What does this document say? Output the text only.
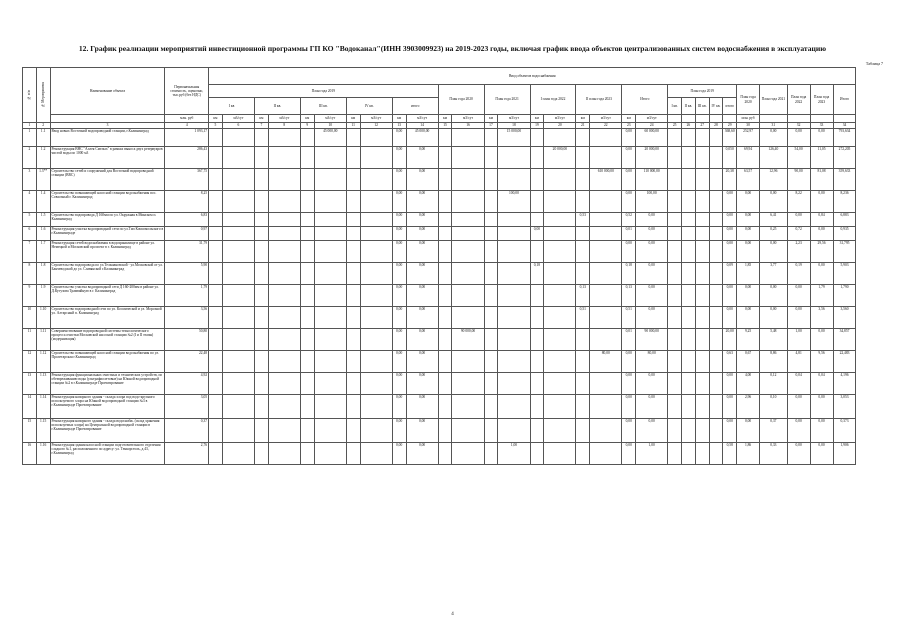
12. График реализации мероприятий инвестиционной программы ГП КО "Водоканал"(ИНН 3903009923) на 2019-2023 годы, включая график ввода объектов централизованных систем водоснабжения в эксплуатацию
Таблица 7
№ п/п	№ Мероприятия	Наименование объекта	Первоначальная стоимость, оценочно, тыс.руб (без НДС)	Ввод объектов водоснабжения																													
				План года 2019										План года 2020		План года 2021		I план года 2022		II план года 2023		Итого		План года 2019					План года 2020	План года 2021	План года 2022	План года 2023	Итого
				I кв		II кв.		III кв.		IV кв.		итого												I кв.	II кв.	III кв.	IV кв.	итого					
			млн. руб	км	м3/сут	км	м3/сут	км	м3/сут	км	м3/сут	км	м3/сут	км	м3/сут	км	м3/сут	км	м3/сут	км	м3/сут	км	м3/сут						млн. руб				
1	2	3	4	5	6	7	8	9	10	11	12	13	14	15	16	17	18	19	20	21	22	23	24	25	26	27	28	29	30	31	32	33	34
1	1.1	Ввод новых Восточной водопроводной станции, г.Калининград	1 093,17						45 000,00			0,00	45 000,00				15 000,00					0,00	60 000,00					368,60	252,97	0,00	0,00	0,00	793,634
2	1.2	Реконструкция ВНС "Аллея Смелых" в рамках выноса двух резервуаров чистой воды по 1000 м3	286,43									0,00	0,00						20 000,00			0,00	20 000,00					0,050	69,94	126,40	54,00	11,05	272,205
3	1.3**	Строительство сетей и сооружений для Восточной водопроводной станции (ВВС)	367,75									0,00	0,00								610 000,00	0,00	110 000,00					20,38	63,57	12,96	90,00	81,08	359,633
4	1.4	Строительство повышающей насосной станции водоснабжения пос. Совхозный г. Калининград	8,25									0,00	0,00				100,00					0,00	100,00					0,00	0,00	0,00	8,22	0,00	8,236
5	1.5	Строительство водопровода Д 160мм по ул. Окружная в Минском п. Калининград	6,83									0,00	0,00							0,53		0,52	0,00					0,00	0,00	6,41	0,00	0,84	6,883
6	1.6	Реконструкция участка водопроводной сети по ул.Тип Комсомольского в г.Калининграде	0,97									0,00	0,00					0,00				0,01	0,00					0,00	0,00	0,25	0,72	0,00	0,935
7	1.7	Реконструкция сетей водоснабжения в водохранилище в районе ул. Немецкой и Московский проспект в г. Калининград	31,79									0,00	0,00									0,00	0,00					0,00	0,00	0,00	2,23	29,56	31,795
8	1.8	Строительство водопровода по ул.Тельмановской - ул.Московской от ул. Банчеводской до ул. Славянской г.Калининград	5,90									0,00	0,00					0,18				0,18	0,00					0,09	1,85	3,77	0,19	0,00	5,903
9	1.9	Строительство участка водопроводной сети Д 160-200мм в районе ул. Д.Кутузова Трамвайную в г. Калининград	1,79									0,00	0,00							0,13		0,13	0,00					0,00	0,00	0,00	0,00	1,79	1,790
10	1.10	Строительство водопроводной сети по ул. Космической и ул. Морозной ул. Алтарсный п. Калининград	3,56									0,00	0,00							0,51		0,51	0,00					0,00	0,00	0,00	0,00	3,56	3,560
11	1.11	Совершенствование водопроводной системы технологического процесса очистки Московской насосной станции №2 (I и II этапы) (модернизация)	50,80									0,00	0,00		90 000,00							0,01	90 000,00					20,00	9,25	5,48	1,00	0,00	34,857
12	1.12	Строительство повышающей насосной станции водоснабжения по ул. Пролетарская г.Калининград	22,48									0,00	0,00								80,00	0,00	80,00					0,63	0,67	8,86	4,81	9,56	22,483
13	1.13	Реконструкция функциональных очистных и технических устройств, по обезвреживанию воды (ультрафиолетовые) на Южной водопроводной станции №2 в г.Калининграде Проектирование	4,92									0,00	0,00									0,00	0,00					0,00	4,00	0,12	0,04	0,04	4,196
14	1.14	Реконструкция напорного здания - склада хлора под водо-крупного используемого хлора на Южной водопроводной станции №3 в г.Калининграде Проектирование	3,05									0,00	0,00									0,00	0,00					0,00	2,96	0,10	0,00	0,00	3,053
15	1.15	Реконструкция напорного здания - склада водоснабж. (склад хранения используемых хлора) на Центральной водопроводной станции в г.Калининграде Проектирование	0,37									0,00	0,00									0,00	0,00					0,00	0,00	0,37	0,00	0,00	0,373
16	1.16	Реконструкция здания насосной станции подготовительного отделения сладкого №1, расположенного по адресу: ул. Тенкорстоль, д.43, г.Калининград	2,76									0,00	0,00				1,00					0,00	1,00					0,58	1,86	0,33	0,00	0,00	1,906
4
